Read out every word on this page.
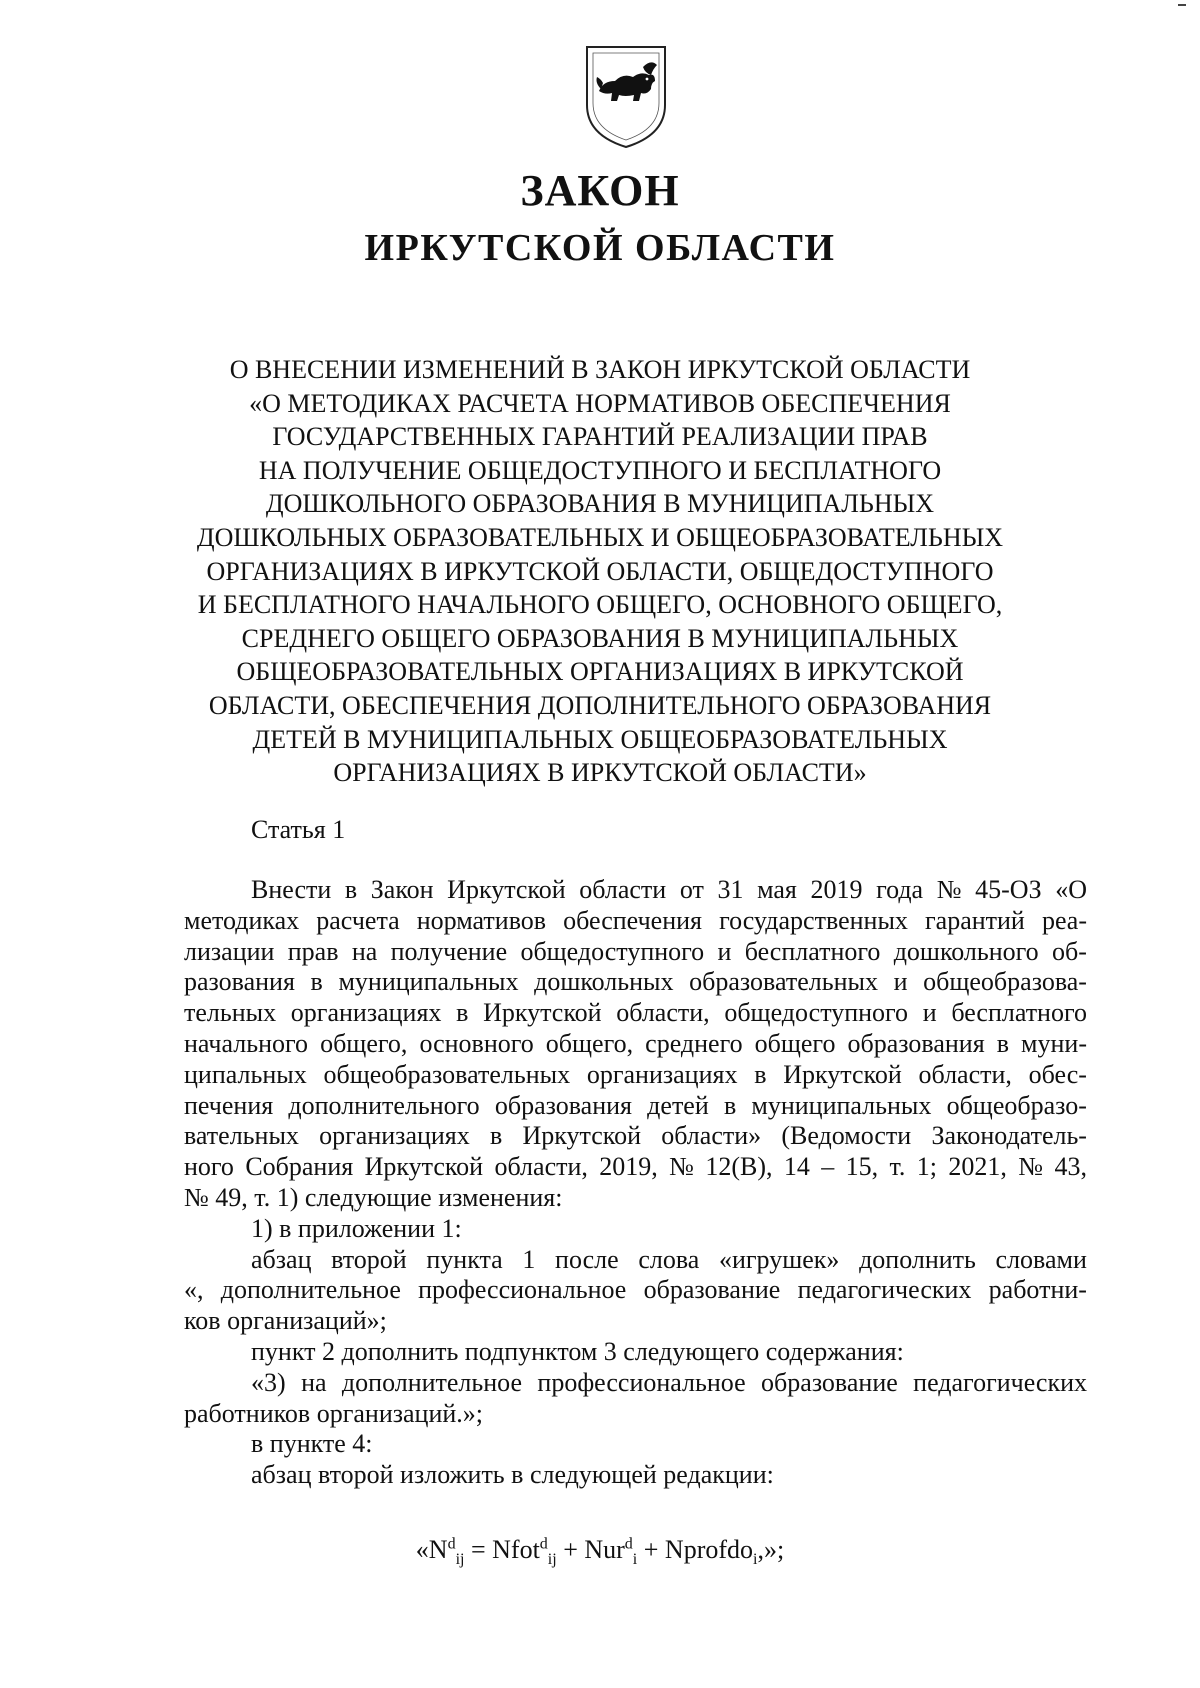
ЗАКОН
ИРКУТСКОЙ ОБЛАСТИ
О ВНЕСЕНИИ ИЗМЕНЕНИЙ В ЗАКОН ИРКУТСКОЙ ОБЛАСТИ
«О МЕТОДИКАХ РАСЧЕТА НОРМАТИВОВ ОБЕСПЕЧЕНИЯ
ГОСУДАРСТВЕННЫХ ГАРАНТИЙ РЕАЛИЗАЦИИ ПРАВ
НА ПОЛУЧЕНИЕ ОБЩЕДОСТУПНОГО И БЕСПЛАТНОГО
ДОШКОЛЬНОГО ОБРАЗОВАНИЯ В МУНИЦИПАЛЬНЫХ
ДОШКОЛЬНЫХ ОБРАЗОВАТЕЛЬНЫХ И ОБЩЕОБРАЗОВАТЕЛЬНЫХ
ОРГАНИЗАЦИЯХ В ИРКУТСКОЙ ОБЛАСТИ, ОБЩЕДОСТУПНОГО
И БЕСПЛАТНОГО НАЧАЛЬНОГО ОБЩЕГО, ОСНОВНОГО ОБЩЕГО,
СРЕДНЕГО ОБЩЕГО ОБРАЗОВАНИЯ В МУНИЦИПАЛЬНЫХ
ОБЩЕОБРАЗОВАТЕЛЬНЫХ ОРГАНИЗАЦИЯХ В ИРКУТСКОЙ
ОБЛАСТИ, ОБЕСПЕЧЕНИЯ ДОПОЛНИТЕЛЬНОГО ОБРАЗОВАНИЯ
ДЕТЕЙ В МУНИЦИПАЛЬНЫХ ОБЩЕОБРАЗОВАТЕЛЬНЫХ
ОРГАНИЗАЦИЯХ В ИРКУТСКОЙ ОБЛАСТИ»
Статья 1
Внести в Закон Иркутской области от 31 мая 2019 года № 45-ОЗ «О
методиках расчета нормативов обеспечения государственных гарантий реа-
лизации прав на получение общедоступного и бесплатного дошкольного об-
разования в муниципальных дошкольных образовательных и общеобразова-
тельных организациях в Иркутской области, общедоступного и бесплатного
начального общего, основного общего, среднего общего образования в муни-
ципальных общеобразовательных организациях в Иркутской области, обес-
печения дополнительного образования детей в муниципальных общеобразо-
вательных организациях в Иркутской области» (Ведомости Законодатель-
ного Собрания Иркутской области, 2019, № 12(В), 14 – 15, т. 1; 2021, № 43,
№ 49, т. 1) следующие изменения:
1) в приложении 1:
абзац второй пункта 1 после слова «игрушек» дополнить словами
«, дополнительное профессиональное образование педагогических работни-
ков организаций»;
пункт 2 дополнить подпунктом 3 следующего содержания:
«3) на дополнительное профессиональное образование педагогических
работников организаций.»;
в пункте 4:
абзац второй изложить в следующей редакции:
«$N^d_{ij}$ = Nfot$^d_{ij}$ + Nur$^d_i$ + Nprofdo$_i$,»;
